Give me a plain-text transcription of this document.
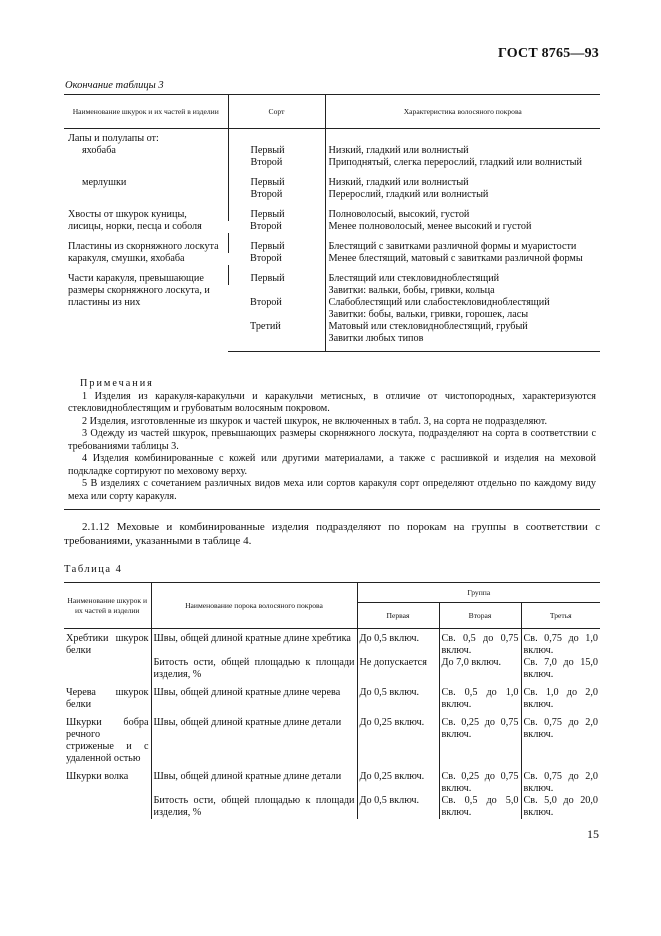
ГОСТ 8765—93
Окончание таблицы 3
Наименование шкурок и их частей в изделии	Сорт	Характеристика волосяного покрова
Лапы и полулапы от:		
яхобаба	Первый	Низкий, гладкий или волнистый
	Второй	Приподнятый, слегка перерослий, гладкий или волнистый
мерлушки	Первый	Низкий, гладкий или волнистый
	Второй	Перерослий, гладкий или волнистый
Хвосты от шкурок куницы, лисицы, норки, песца и соболя	Первый	Полноволосый, высокий, густой
	Второй	Менее полноволосый, менее высокий и густой
Пластины из скорняжного лоскута каракуля, смушки, яхобаба	Первый	Блестящий с завитками различной формы и муаристости
	Второй	Менее блестящий, матовый с завитками различной формы
Части каракуля, превышающие размеры скорняжного лоскута, и пластины из них	Первый	Блестящий или стекловидноблестящий
		Завитки: вальки, бобы, гривки, кольца
	Второй	Слабоблестящий или слабостекловидноблестящий
		Завитки: бобы, вальки, гривки, горошек, ласы
	Третий	Матовый или стекловидноблестящий, грубый
		Завитки любых типов
Примечания

1 Изделия из каракуля-каракульчи и каракульчи метисных, в отличие от чистопородных, характеризуются стекловидноблестящим и грубоватым волосяным покровом.

2 Изделия, изготовленные из шкурок и частей шкурок, не включенных в табл. 3, на сорта не подразделяют.

3 Одежду из частей шкурок, превышающих размеры скорняжного лоскута, подразделяют на сорта в соответствии с требованиями таблицы 3.

4 Изделия комбинированные с кожей или другими материалами, а также с расшивкой и изделия на меховой подкладке сортируют по меховому верху.

5 В изделиях с сочетанием различных видов меха или сортов каракуля сорт определяют отдельно по каждому виду меха или сорту каракуля.

2.1.12 Меховые и комбинированные изделия подразделяют по порокам на группы в соответствии с требованиями, указанными в таблице 4.

Таблица 4
Наименование шкурок и их частей в изделии	Наименование порока волосяного покрова	Группа		
		Первая	Вторая	Третья
Хребтики шкурок белки	Швы, общей длиной кратные длине хребтика	До 0,5 включ.	Св. 0,5 до 0,75 включ.	Св. 0,75 до 1,0 включ.
	Битость ости, общей площадью к площади изделия, %	Не допускается	До 7,0 включ.	Св. 7,0 до 15,0 включ.
Черева шкурок белки	Швы, общей длиной кратные длине черева	До 0,5 включ.	Св. 0,5 до 1,0 включ.	Св. 1,0 до 2,0 включ.
Шкурки бобра речного стриженые и с удаленной остью	Швы, общей длиной кратные длине детали	До 0,25 включ.	Св. 0,25 до 0,75 включ.	Св. 0,75 до 2,0 включ.
Шкурки волка	Швы, общей длиной кратные длине детали	До 0,25 включ.	Св. 0,25 до 0,75 включ.	Св. 0,75 до 2,0 включ.
	Битость ости, общей площадью к площади изделия, %	До 0,5 включ.	Св. 0,5 до 5,0 включ.	Св. 5,0 до 20,0 включ.
15
